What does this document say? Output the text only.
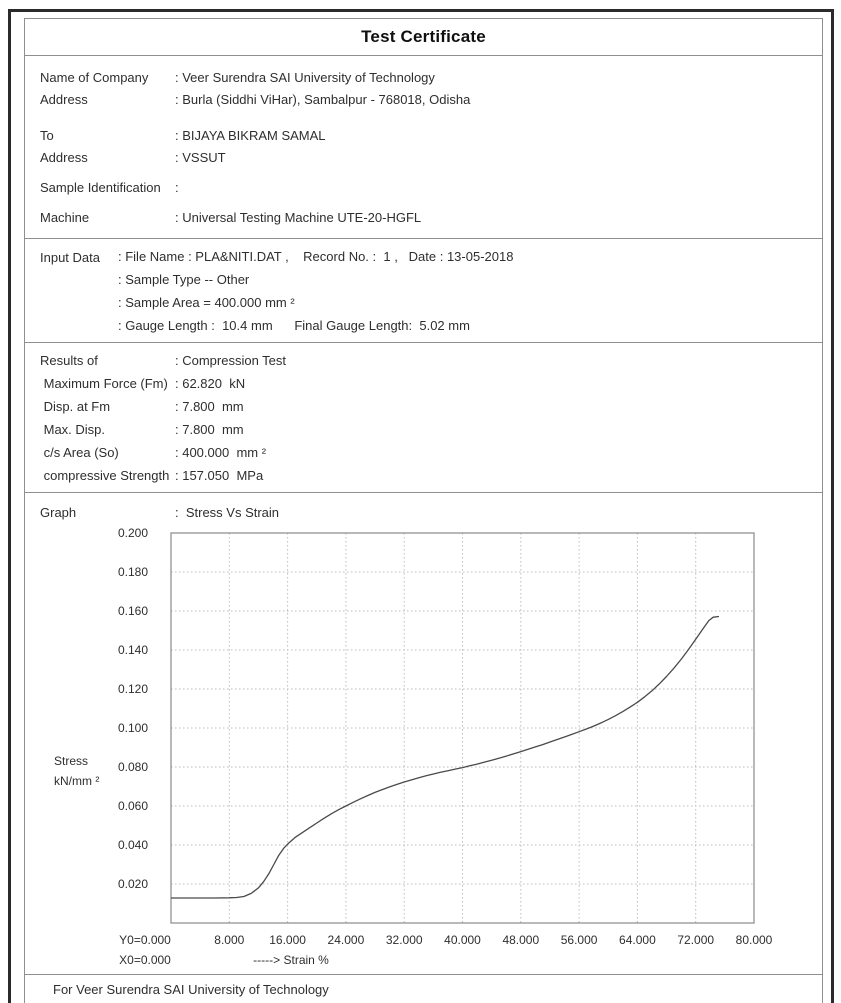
Test Certificate
Name of Company	: Veer Surendra SAI University of Technology
Address	: Burla (Siddhi ViHar), Sambalpur - 768018, Odisha
To	: BIJAYA BIKRAM SAMAL
Address	: VSSUT
Sample Identification	:
Machine	: Universal Testing Machine UTE-20-HGFL
Input Data	: File Name : PLA&NITI.DAT ,    Record No. :  1 ,   Date : 13-05-2018
: Sample Type -- Other
: Sample Area = 400.000 mm ²
: Gauge Length :  10.4 mm      Final Gauge Length:  5.02 mm
Results of	: Compression Test
Maximum Force (Fm) : 62.820  kN
Disp. at Fm	: 7.800  mm
Max. Disp.	: 7.800  mm
c/s Area (So)	: 400.000  mm ²
compressive Strength : 157.050  MPa
Graph	:  Stress Vs Strain
0.200
0.180
0.160
0.140
0.120
0.100
0.080
0.060
0.040
0.020
Y0=0.000	8.000 16.000 24.000 32.000 40.000 48.000 56.000 64.000 72.000 80.000
X0=0.000	-----> Strain %
Stress
kN/mm ²
For Veer Surendra SAI University of Technology
